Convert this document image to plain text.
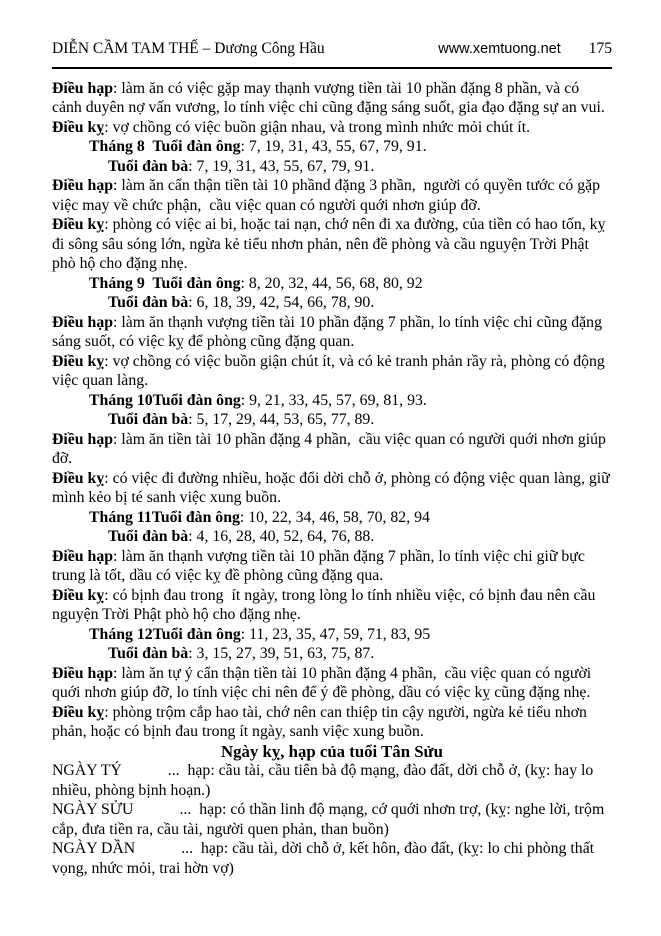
DIỄN CẦM TAM THẾ – Dương Công Hầu	www.xemtuong.net 175

Điều hạp: làm ăn có việc gặp may thạnh vượng tiền tài 10 phần đặng 8 phần, và có cảnh duyên nợ vấn vương, lo tính việc chi cũng đặng sáng suốt, gia đạo đặng sự an vui.

Điều kỵ: vợ chồng có việc buồn giận nhau, và trong mình nhức mỏi chút ít.

Tháng 8  Tuổi đàn ông: 7, 19, 31, 43, 55, 67, 79, 91.

Tuổi đàn bà: 7, 19, 31, 43, 55, 67, 79, 91.

Điều hạp: làm ăn cẩn thận tiền tài 10 phầnd đặng 3 phần,  người có quyền tước có gặp việc may về chức phận,  cầu việc quan có người quới nhơn giúp đỡ.

Điều kỵ: phòng có việc ai bi, hoặc tai nạn, chớ nên đi xa đường, của tiền có hao tốn, kỵ đi sông sâu sóng lớn, ngừa kẻ tiểu nhơn phản, nên đề phòng và cầu nguyện Trời Phật phò hộ cho đặng nhẹ.

Tháng 9  Tuổi đàn ông: 8, 20, 32, 44, 56, 68, 80, 92

Tuổi đàn bà: 6, 18, 39, 42, 54, 66, 78, 90.

Điều hạp: làm ăn thạnh vượng tiền tài 10 phần đặng 7 phần, lo tính việc chi cũng đặng sáng suốt, có việc kỵ để phòng cũng đặng quan.

Điều kỵ: vợ chồng có việc buồn giận chút ít, và có kẻ tranh phản rầy rà, phòng có động việc quan làng.

Tháng 10Tuổi đàn ông: 9, 21, 33, 45, 57, 69, 81, 93.

Tuổi đàn bà: 5, 17, 29, 44, 53, 65, 77, 89.

Điều hạp: làm ăn tiền tài 10 phần đặng 4 phần,  cầu việc quan có người quới nhơn giúp đỡ.

Điều kỵ: có việc đi đường nhiều, hoặc đổi dời chỗ ở, phòng có động việc quan làng, giữ mình kẻo bị té sanh việc xung buồn.

Tháng 11Tuổi đàn ông: 10, 22, 34, 46, 58, 70, 82, 94

Tuổi đàn bà: 4, 16, 28, 40, 52, 64, 76, 88.

Điều hạp: làm ăn thạnh vượng tiền tài 10 phần đặng 7 phần, lo tính việc chi giữ bực trung là tốt, dầu có việc kỵ đề phòng cũng đặng qua.

Điều kỵ: có bịnh đau trong  ít ngày, trong lòng lo tính nhiều việc, có bịnh đau nên cầu nguyện Trời Phật phò hộ cho đặng nhẹ.

Tháng 12Tuổi đàn ông: 11, 23, 35, 47, 59, 71, 83, 95

Tuổi đàn bà: 3, 15, 27, 39, 51, 63, 75, 87.

Điều hạp: làm ăn tự ý cẩn thận tiền tài 10 phần đặng 4 phần,  cầu việc quan có người quới nhơn giúp đỡ, lo tính việc chi nên để ý đề phòng, dầu có việc kỵ cũng đặng nhẹ.

Điều kỵ: phòng trộm cắp hao tài, chớ nên can thiệp tin cậy người, ngừa kẻ tiểu nhơn phản, hoặc có bịnh đau trong ít ngày, sanh việc xung buồn.

Ngày kỵ, hạp của tuổi Tân Sửu

NGÀY TÝ	...  hạp: cầu tài, cầu tiên bà độ mạng, đào đất, dời chỗ ở, (kỵ: hay lo nhiều, phòng bịnh hoạn.)

NGÀY SỬU	...  hạp: có thần linh độ mạng, cớ quới nhơn trợ, (kỵ: nghe lời, trộm cắp, đưa tiền ra, cầu tài, người quen phản, than buồn)

NGÀY DẦN	...  hạp: cầu tài, dời chỗ ở, kết hôn, đào đất, (kỵ: lo chi phòng thất vọng, nhức mỏi, trai hờn vợ)
